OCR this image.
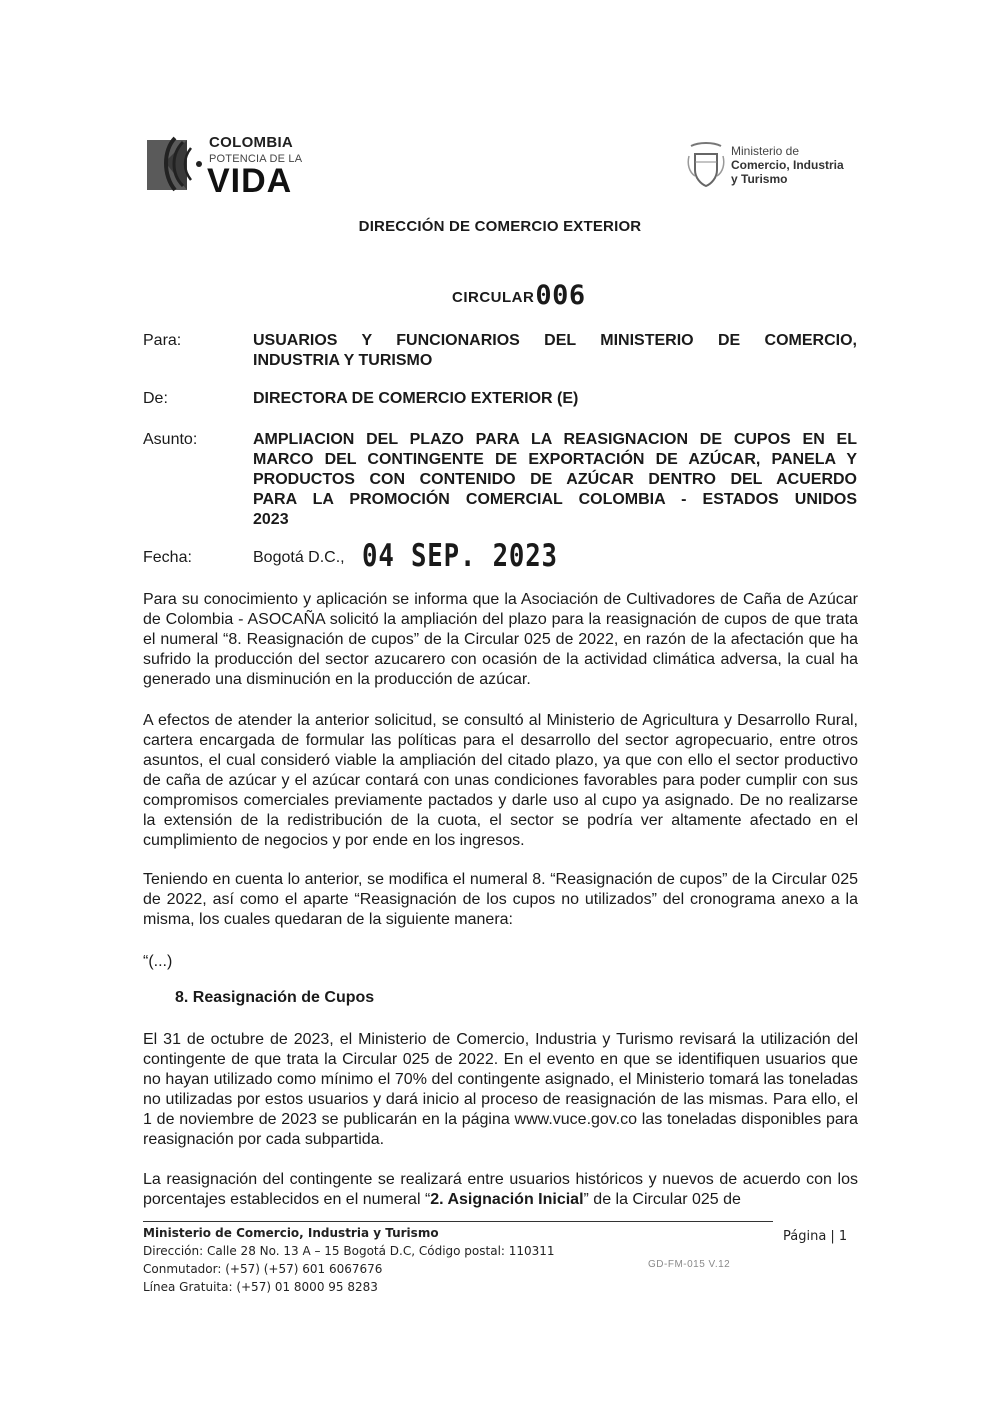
COLOMBIA
POTENCIA DE LA
VIDA
Ministerio de
Comercio, Industria
y Turismo
DIRECCIÓN DE COMERCIO EXTERIOR
CIRCULAR006
Para:	USUARIOS Y FUNCIONARIOS DEL MINISTERIO DE COMERCIO,
INDUSTRIA Y TURISMO
De:	DIRECTORA DE COMERCIO EXTERIOR (E)
Asunto:	AMPLIACION DEL PLAZO PARA LA REASIGNACION DE CUPOS EN EL
MARCO DEL CONTINGENTE DE EXPORTACIÓN DE AZÚCAR, PANELA Y
PRODUCTOS CON CONTENIDO DE AZÚCAR DENTRO DEL ACUERDO
PARA LA PROMOCIÓN COMERCIAL COLOMBIA - ESTADOS UNIDOS
2023
Fecha:	Bogotá D.C., 04 SEP. 2023
Para su conocimiento y aplicación se informa que la Asociación de Cultivadores de Caña de Azúcar de Colombia - ASOCAÑA solicitó la ampliación del plazo para la reasignación de cupos de que trata el numeral “8. Reasignación de cupos” de la Circular 025 de 2022, en razón de la afectación que ha sufrido la producción del sector azucarero con ocasión de la actividad climática adversa, la cual ha generado una disminución en la producción de azúcar.
A efectos de atender la anterior solicitud, se consultó al Ministerio de Agricultura y Desarrollo Rural, cartera encargada de formular las políticas para el desarrollo del sector agropecuario, entre otros asuntos, el cual consideró viable la ampliación del citado plazo, ya que con ello el sector productivo de caña de azúcar y el azúcar contará con unas condiciones favorables para poder cumplir con sus compromisos comerciales previamente pactados y darle uso al cupo ya asignado. De no realizarse la extensión de la redistribución de la cuota, el sector se podría ver altamente afectado en el cumplimiento de negocios y por ende en los ingresos.
Teniendo en cuenta lo anterior, se modifica el numeral 8. “Reasignación de cupos” de la Circular 025 de 2022, así como el aparte “Reasignación de los cupos no utilizados” del cronograma anexo a la misma, los cuales quedaran de la siguiente manera:
“(...)
8. Reasignación de Cupos
El 31 de octubre de 2023, el Ministerio de Comercio, Industria y Turismo revisará la utilización del contingente de que trata la Circular 025 de 2022. En el evento en que se identifiquen usuarios que no hayan utilizado como mínimo el 70% del contingente asignado, el Ministerio tomará las toneladas no utilizadas por estos usuarios y dará inicio al proceso de reasignación de las mismas. Para ello, el 1 de noviembre de 2023 se publicarán en la página www.vuce.gov.co las toneladas disponibles para reasignación por cada subpartida.
La reasignación del contingente se realizará entre usuarios históricos y nuevos de acuerdo con los porcentajes establecidos en el numeral “2. Asignación Inicial” de la Circular 025 de
Ministerio de Comercio, Industria y Turismo
Dirección: Calle 28 No. 13 A – 15 Bogotá D.C, Código postal: 110311
Conmutador: (+57) (+57) 601 6067676
Línea Gratuita: (+57) 01 8000 95 8283
GD-FM-015 V.12
Página | 1
